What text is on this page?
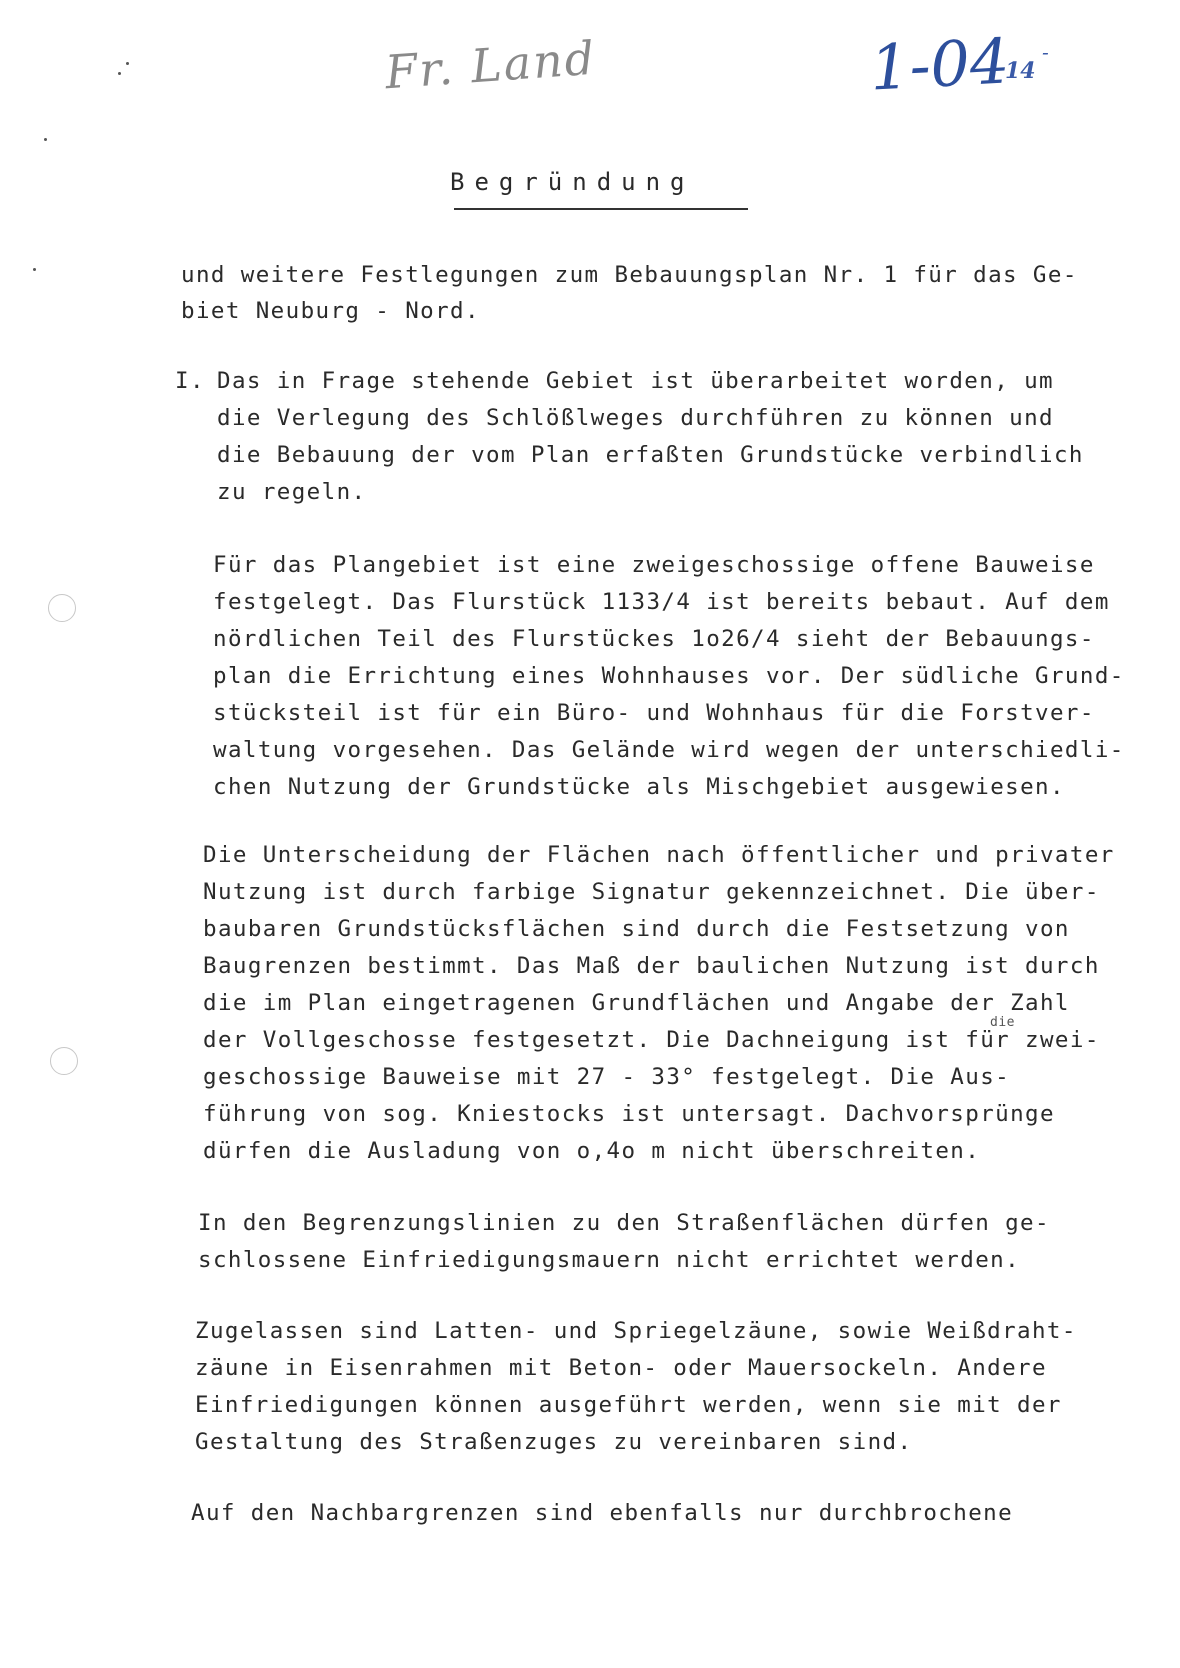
Fr. Land	1-04 -
14
Begründung
und weitere Festlegungen zum Bebauungsplan Nr. 1 für das Ge-
biet Neuburg - Nord.
I. Das in Frage stehende Gebiet ist überarbeitet worden, um
die Verlegung des Schlößlweges durchführen zu können und
die Bebauung der vom Plan erfaßten Grundstücke verbindlich
zu regeln.
Für das Plangebiet ist eine zweigeschossige offene Bauweise
festgelegt. Das Flurstück 1133/4 ist bereits bebaut. Auf dem
nördlichen Teil des Flurstückes 1o26/4 sieht der Bebauungs-
plan die Errichtung eines Wohnhauses vor. Der südliche Grund-
stücksteil ist für ein Büro- und Wohnhaus für die Forstver-
waltung vorgesehen. Das Gelände wird wegen der unterschiedli-
chen Nutzung der Grundstücke als Mischgebiet ausgewiesen.
Die Unterscheidung der Flächen nach öffentlicher und privater
Nutzung ist durch farbige Signatur gekennzeichnet. Die über-
baubaren Grundstücksflächen sind durch die Festsetzung von
Baugrenzen bestimmt. Das Maß der baulichen Nutzung ist durch
die im Plan eingetragenen Grundflächen und Angabe der Zahl
der Vollgeschosse festgesetzt. Die Dachneigung ist für zwei-
die
geschossige Bauweise mit 27 - 33° festgelegt. Die Aus-
führung von sog. Kniestocks ist untersagt. Dachvorsprünge
dürfen die Ausladung von o,4o m nicht überschreiten.
In den Begrenzungslinien zu den Straßenflächen dürfen ge-
schlossene Einfriedigungsmauern nicht errichtet werden.
Zugelassen sind Latten- und Spriegelzäune, sowie Weißdraht-
zäune in Eisenrahmen mit Beton- oder Mauersockeln. Andere
Einfriedigungen können ausgeführt werden, wenn sie mit der
Gestaltung des Straßenzuges zu vereinbaren sind.
Auf den Nachbargrenzen sind ebenfalls nur durchbrochene
